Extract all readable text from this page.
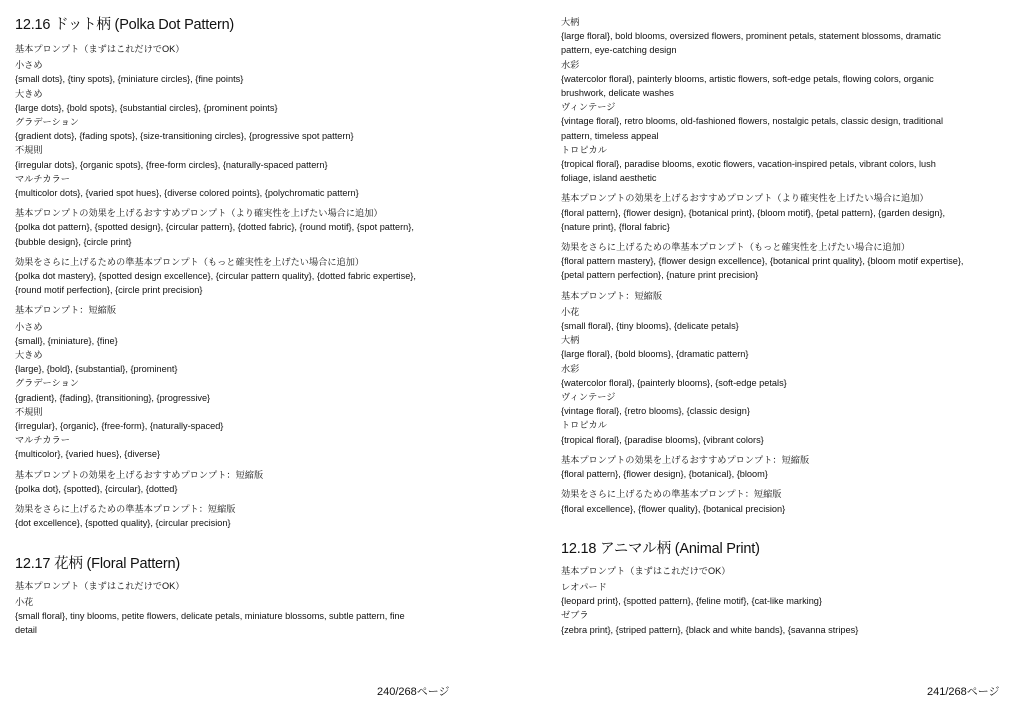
12.16 ドット柄 (Polka Dot Pattern)

基本プロンプト（まずはこれだけでOK）

小さめ

{small dots}, {tiny spots}, {miniature circles}, {fine points}

大きめ

{large dots}, {bold spots}, {substantial circles}, {prominent points}

グラデーション

{gradient dots}, {fading spots}, {size-transitioning circles}, {progressive spot pattern}

不規則

{irregular dots}, {organic spots}, {free-form circles}, {naturally-spaced pattern}

マルチカラー

{multicolor dots}, {varied spot hues}, {diverse colored points}, {polychromatic pattern}

基本プロンプトの効果を上げるおすすめプロンプト（より確実性を上げたい場合に追加）

{polka dot pattern}, {spotted design}, {circular pattern}, {dotted fabric}, {round motif}, {spot pattern},

{bubble design}, {circle print}

効果をさらに上げるための準基本プロンプト（もっと確実性を上げたい場合に追加）

{polka dot mastery}, {spotted design excellence}, {circular pattern quality}, {dotted fabric expertise},

{round motif perfection}, {circle print precision}

基本プロンプト：短縮版

小さめ

{small}, {miniature}, {fine}

大きめ

{large}, {bold}, {substantial}, {prominent}

グラデーション

{gradient}, {fading}, {transitioning}, {progressive}

不規則

{irregular}, {organic}, {free-form}, {naturally-spaced}

マルチカラー

{multicolor}, {varied hues}, {diverse}

基本プロンプトの効果を上げるおすすめプロンプト：短縮版

{polka dot}, {spotted}, {circular}, {dotted}

効果をさらに上げるための準基本プロンプト：短縮版

{dot excellence}, {spotted quality}, {circular precision}

12.17 花柄 (Floral Pattern)

基本プロンプト（まずはこれだけでOK）

小花

{small floral}, tiny blooms, petite flowers, delicate petals, miniature blossoms, subtle pattern, fine

detail

240/268ページ

大柄

{large floral}, bold blooms, oversized flowers, prominent petals, statement blossoms, dramatic

pattern, eye-catching design

水彩

{watercolor floral}, painterly blooms, artistic flowers, soft-edge petals, flowing colors, organic

brushwork, delicate washes

ヴィンテージ

{vintage floral}, retro blooms, old-fashioned flowers, nostalgic petals, classic design, traditional

pattern, timeless appeal

トロピカル

{tropical floral}, paradise blooms, exotic flowers, vacation-inspired petals, vibrant colors, lush

foliage, island aesthetic

基本プロンプトの効果を上げるおすすめプロンプト（より確実性を上げたい場合に追加）

{floral pattern}, {flower design}, {botanical print}, {bloom motif}, {petal pattern}, {garden design},

{nature print}, {floral fabric}

効果をさらに上げるための準基本プロンプト（もっと確実性を上げたい場合に追加）

{floral pattern mastery}, {flower design excellence}, {botanical print quality}, {bloom motif expertise},

{petal pattern perfection}, {nature print precision}

基本プロンプト：短縮版

小花

{small floral}, {tiny blooms}, {delicate petals}

大柄

{large floral}, {bold blooms}, {dramatic pattern}

水彩

{watercolor floral}, {painterly blooms}, {soft-edge petals}

ヴィンテージ

{vintage floral}, {retro blooms}, {classic design}

トロピカル

{tropical floral}, {paradise blooms}, {vibrant colors}

基本プロンプトの効果を上げるおすすめプロンプト：短縮版

{floral pattern}, {flower design}, {botanical}, {bloom}

効果をさらに上げるための準基本プロンプト：短縮版

{floral excellence}, {flower quality}, {botanical precision}

12.18 アニマル柄 (Animal Print)

基本プロンプト（まずはこれだけでOK）

レオパード

{leopard print}, {spotted pattern}, {feline motif}, {cat-like marking}

ゼブラ

{zebra print}, {striped pattern}, {black and white bands}, {savanna stripes}

241/268ページ
